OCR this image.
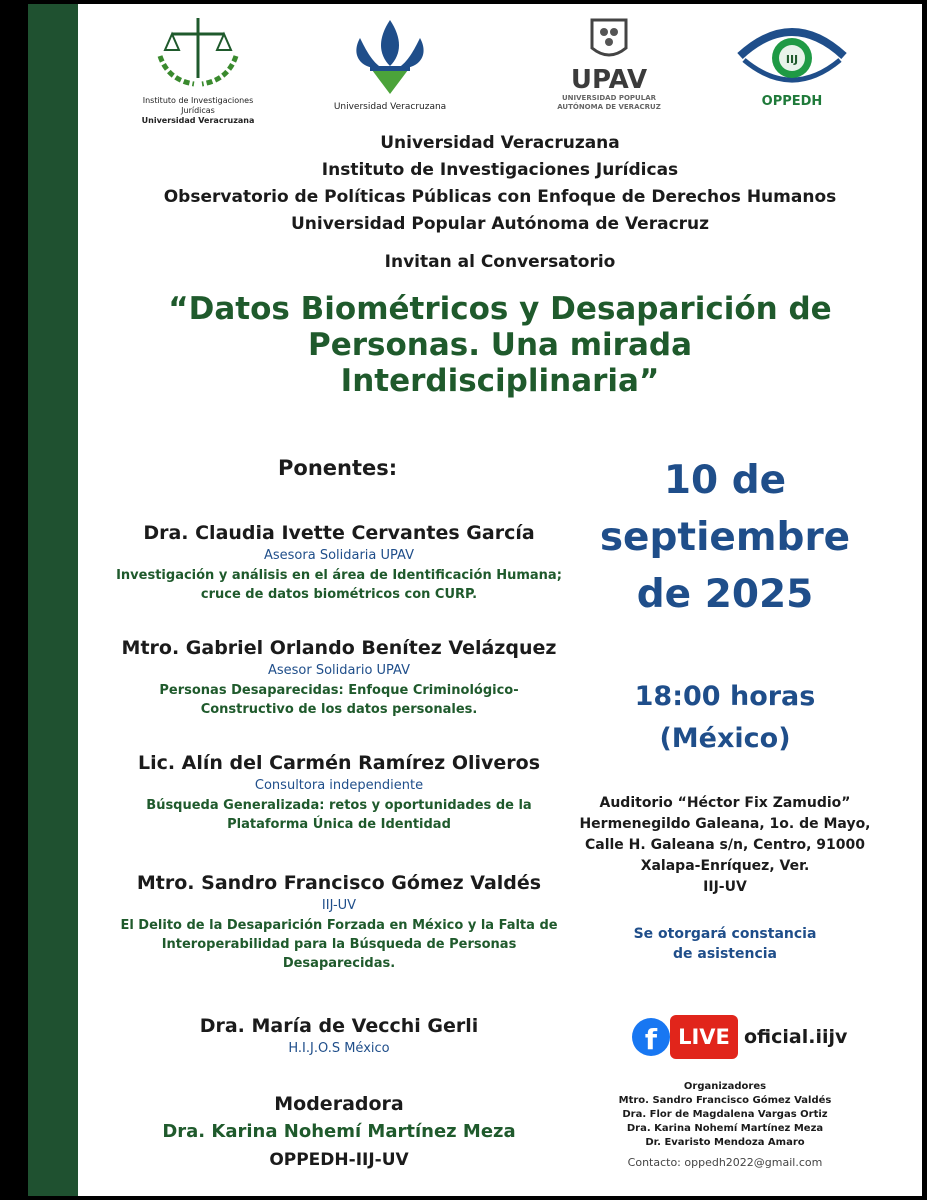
Instituto de Investigaciones Jurídicas
Universidad Veracruzana
Universidad Veracruzana
UPAV
UNIVERSIDAD POPULAR
AUTÓNOMA DE VERACRUZ
IIJ
OPPEDH
Universidad Veracruzana
Instituto de Investigaciones Jurídicas
Observatorio de Políticas Públicas con Enfoque de Derechos Humanos
Universidad Popular Autónoma de Veracruz
Invitan al Conversatorio
“Datos Biométricos y Desaparición de
Personas. Una mirada
Interdisciplinaria”
Ponentes:
Dra. Claudia Ivette Cervantes García
Asesora Solidaria UPAV
Investigación y análisis en el área de Identificación Humana;
cruce de datos biométricos con CURP.
Mtro. Gabriel Orlando Benítez Velázquez
Asesor Solidario UPAV
Personas Desaparecidas: Enfoque Criminológico-
Constructivo de los datos personales.
Lic. Alín del Carmén Ramírez Oliveros
Consultora independiente
Búsqueda Generalizada: retos y oportunidades de la
Plataforma Única de Identidad
Mtro. Sandro Francisco Gómez Valdés
IIJ-UV
El Delito de la Desaparición Forzada en México y la Falta de
Interoperabilidad para la Búsqueda de Personas
Desaparecidas.
Dra. María de Vecchi Gerli
H.I.J.O.S México
Moderadora
Dra. Karina Nohemí Martínez Meza
OPPEDH-IIJ-UV
10 de
septiembre
de 2025
18:00 horas
(México)
Auditorio “Héctor Fix Zamudio”
Hermenegildo Galeana, 1o. de Mayo,
Calle H. Galeana s/n, Centro, 91000
Xalapa-Enríquez, Ver.
IIJ-UV
Se otorgará constancia
de asistencia
f	LIVE oficial.iijv
Organizadores
Mtro. Sandro Francisco Gómez Valdés
Dra. Flor de Magdalena Vargas Ortiz
Dra. Karina Nohemí Martínez Meza
Dr. Evaristo Mendoza Amaro
Contacto: oppedh2022@gmail.com
